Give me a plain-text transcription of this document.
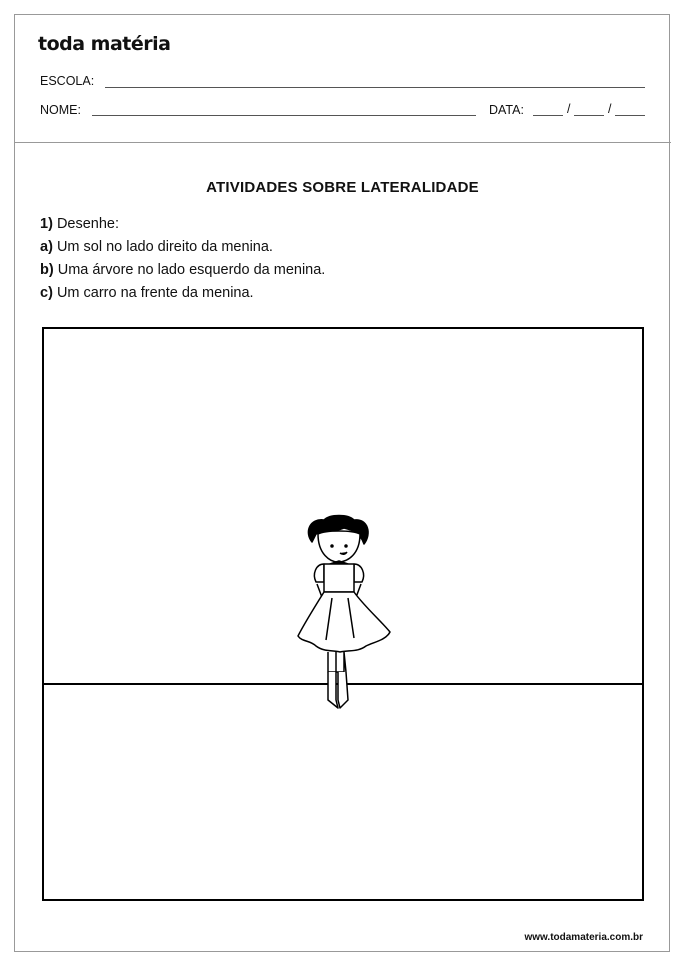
toda matéria
ESCOLA:
NOME:	DATA:	/	/
ATIVIDADES SOBRE LATERALIDADE
1) Desenhe:
a) Um sol no lado direito da menina.
b) Uma árvore no lado esquerdo da menina.
c) Um carro na frente da menina.
www.todamateria.com.br
